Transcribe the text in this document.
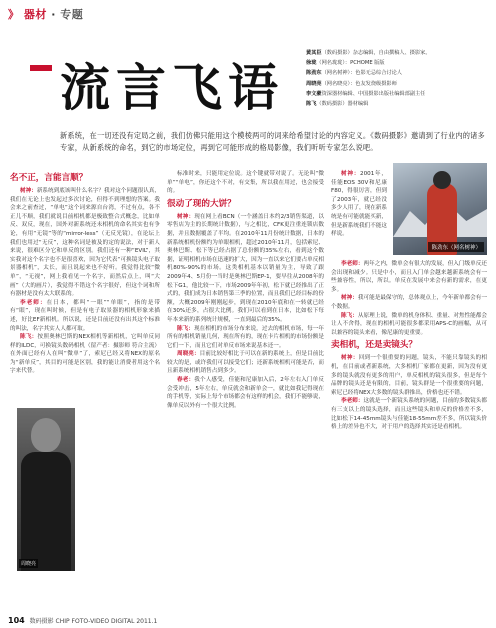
》 器材 · 专题
流言飞语
黄其臣（数码摄影）杂志编辑，自由撰稿人、摄影家。
徐珑（网名珑珑）：PCHOME 版版
陈劲东（网名树神）：色影无忌综合讨论人
周晓亮（网名晓亮）：色友发烧级摄影师
李文豪资深器材编辑、中国摄影出版社编辑部副主任
陈飞（数码摄影）器材编辑
新系统，在一切还没有定局之前，我们仿佛只能用这个模棱两可的词来给希望讨论的内容定义。《数码摄影》邀请到了行业内的诸多专家，从新系统的命名，到它的市场定位，再到它可能形成的格局影像，我们听听专家怎么说吧。
名不正，言能言顺？

树神：新系统到底该叫什么名字？我对这个问题很认真，我们在无论上也发起过多次讨论，但得不到理想的答案。我会来之前查过，“单电”这个词来源自台湾，不过有点，各不正儿不顺，我们就说目前相机都是极致整合式概念，比如单反、双反，现在，国外对新系统还未相机的命名其实也有争论，有用“无镜”等的“mirror-less”（无反光镜），在论坛上我们也用过“无反”，这种名词是被及的定的说法，对于新人来说，很难区分它和单反的区别。我们还有一种“EVIL”，其实我对这个名字也不是很喜欢，因为它代表“可换镜头电子取景器相机”，太长，而且说起来也不好听。我觉得比较“微单”，“无视”，网上我看见一个名字，而然后点上，叫“大画”（大的画片），我觉得不错这个名字很好，但这个词和所有器材是没有太大联系的。

李老师：在日本，都叫“一眼”“单眼”，指的是带有“眼”，现在叫时候，但是有电子取景器的相机形象来描述，好比EF新相机。所以说，还是目前还没有出其这个标准的叫法，名字其实人人都可取。

陈飞：按照奥林巴斯的NEX相机等新相机，它叫单反同样的ILDC，可换镜头数码相机（留产者：摄影师 符合主流）在外面已经有人在叫“微单”了，索尼已经又将NEX的原名为“新单反”，其目的可能是区别，我的能让消费者用这个名字来代替。

周晓亮

标准时来，只能用定位说。这个键就带对说了。无论叫“微单”“单电”，你还这个不对，有交集，所以我在用过，也会接受的。

很动了现的大饼？

树神：现在网上看BCN（一个涵盖日本约2/3销售渠道，以零售店为主的长期统计数据），与之相比，CFK更注重连锁店数据，并且数据覆盖了半均。在2010年11月份统计数据，日本的新系统相机份额约为单眼相机，超过2010年11月，包括索尼、奥林巴斯、松下等已经占据了总份额的35%左右，看到这个数据，证明相机市场在迅速的扩大，因为一直以来它们要占单反相机80%-90%的市场。这类相机基本以销量为主，导致了跟2009年4、5月份一当时是奥林巴斯EP-1，要早往从2008年的松下G1，他比较一下，市场2009年年初，松下就已经推出了正式的，我们成为日本销售第三季的位置，而且我们已经目标的份额，大概2009年刚刚起步，到现在2010年底和在一转就已经在30%还多，占很大比例。我们可以看到在日本，比如松下每年本来新的系列统计规模，一直到最后的35%。

陈飞：现在相机的市场分布来说，过去的相机市场，每一年所有的相机销量几何，现在所有的，现在卡片相机的市场份额是它们一下，而且它们对单反市场来说基本还一。

周晓亮：目前比较好相比于可以在新的系统上，但是目前比较大的是，或许我们可以接受它们；还新系统相机可能是否，而且新系统相机销售占到多少。

春老：我个人感受，佳能和尼康加入后，2年左右入门单反会受冲击，5年左右，单反就会和新单会一，就比如我记得现在的手机等，实际上每个市场都会有这样的机会，我们不能够说，像单反以外有一个很大比例。

树神：2001年，佳能EOS 30V和尼康F80，得很厉害，但到了2003年，就已经没多少人用了，现在新系统是有可能就能买新，但是新系统我们不能这样说。

陈劲东（网名树神）

李老师：两年之内，微单会有很大的发展，但入门级单反还会出现和减少。只是中小，而且入门单会越来越新系统会有一些兼容性，所以，所以。单反在发展中来会有新的需求，在更多。

树神：我可能是最保守的，总体观点上，今年新单都会有一个数据。

陈飞：从原理上说，微单的机身体积、重量、对焦性能都会让人不舍得，现在的相机可能很多都采用APS-C的画幅，从可以兼容的镜头来看，像尼康的更重要。

卖相机，还是卖镜头？

树神：回到一个很重要的问题，镜头，不能只靠镜头的相机，在目前或者新系统，大多相机厂家都在更新，因为没有更多的镜头就没有更多的用户，单反相机的镜头很多，但是每个品牌的镜头还是有限的，目前，镜头群是一个很重要的问题，索尼已经将NEX大多数的镜头群推出，价格也还不错。

李老师：这就是一个新镜头系统的问题，目前的多数镜头都有三支以上的镜头选择，而且这些镜头和单反的价格差不多，比如松下14-45mm镜头与佳能18-55mm差不多，所以镜头价格上的差异也不大，对于用户的选择其实还是看相机。

104 数码摄影 CHIP FOTO-VIDEO DIGITAL 2011.1
